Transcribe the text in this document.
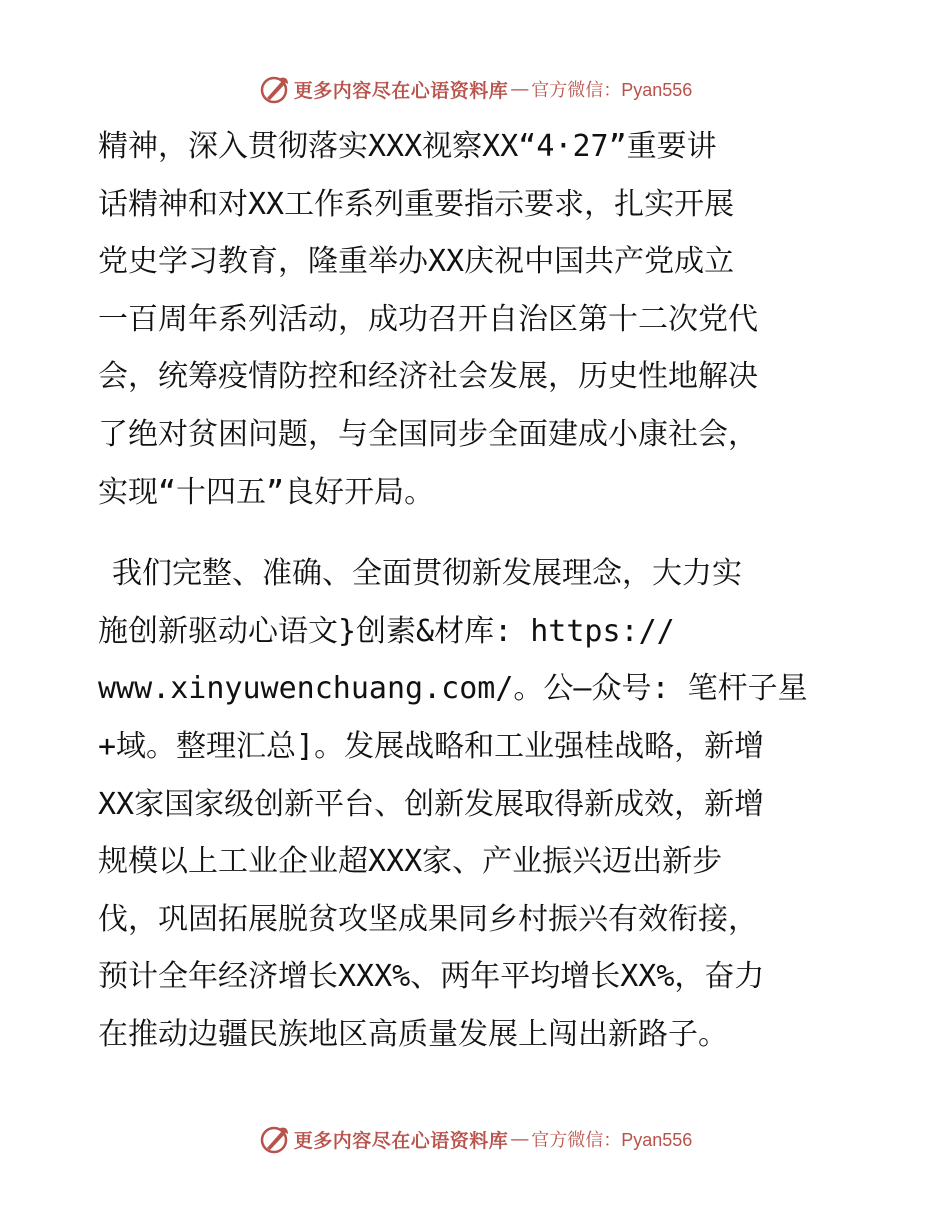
更多内容尽在心语资料库 — 官方微信：Pyan556

精神，深入贯彻落实XXX视察XX“4·27”重要讲
话精神和对XX工作系列重要指示要求，扎实开展
党史学习教育，隆重举办XX庆祝中国共产党成立
一百周年系列活动，成功召开自治区第十二次党代
会，统筹疫情防控和经济社会发展，历史性地解决
了绝对贫困问题，与全国同步全面建成小康社会，
实现“十四五”良好开局。

我们完整、准确、全面贯彻新发展理念，大力实
施创新驱动心语文}创素&材库: https://
www.xinyuwenchuang.com/。公—众号: 笔杆子星
+域。整理汇总]。发展战略和工业强桂战略，新增
XX家国家级创新平台、创新发展取得新成效，新增
规模以上工业企业超XXX家、产业振兴迈出新步
伐，巩固拓展脱贫攻坚成果同乡村振兴有效衔接，
预计全年经济增长XXX%、两年平均增长XX%，奋力
在推动边疆民族地区高质量发展上闯出新路子。

更多内容尽在心语资料库 — 官方微信：Pyan556
